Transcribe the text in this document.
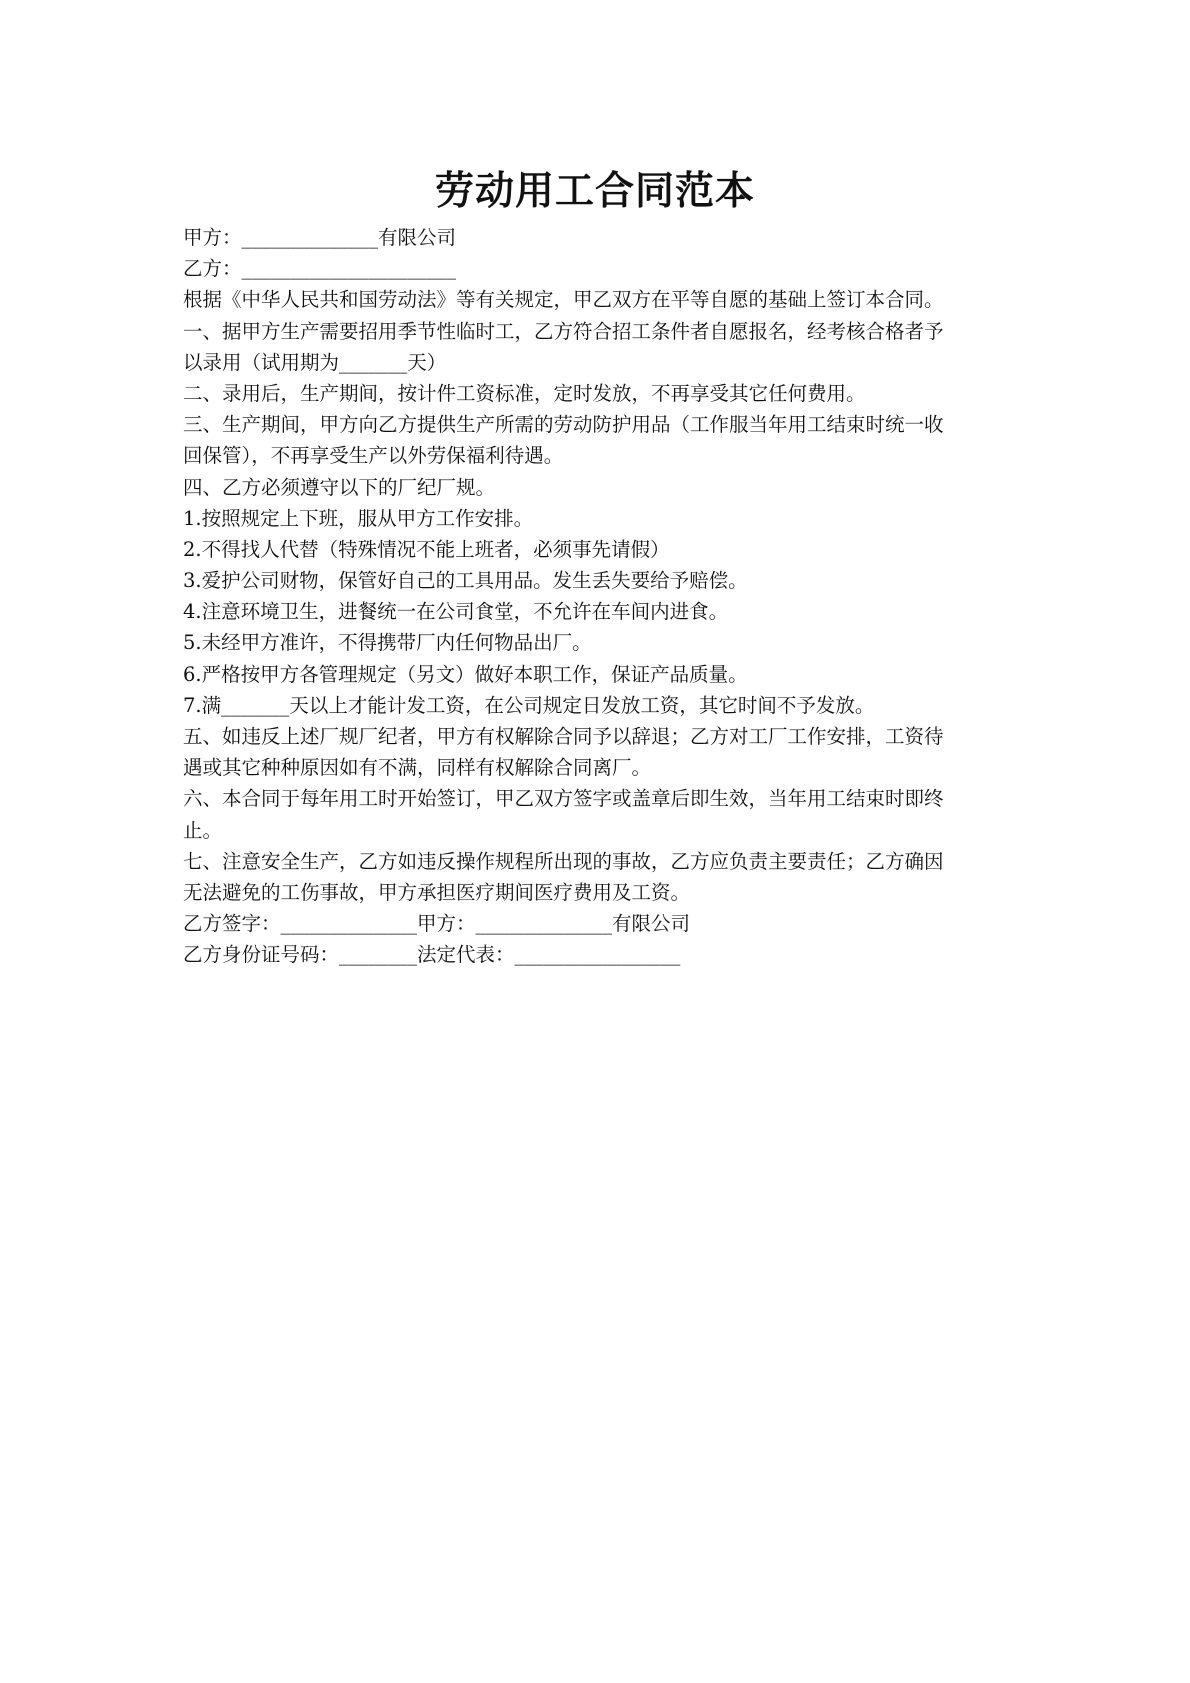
劳动用工合同范本
甲方：______________有限公司
乙方：______________________
根据《中华人民共和国劳动法》等有关规定，甲乙双方在平等自愿的基础上签订本合同。
一、据甲方生产需要招用季节性临时工，乙方符合招工条件者自愿报名，经考核合格者予
以录用（试用期为_______天）
二、录用后，生产期间，按计件工资标准，定时发放，不再享受其它任何费用。
三、生产期间，甲方向乙方提供生产所需的劳动防护用品（工作服当年用工结束时统一收
回保管），不再享受生产以外劳保福利待遇。
四、乙方必须遵守以下的厂纪厂规。
1.按照规定上下班，服从甲方工作安排。
2.不得找人代替（特殊情况不能上班者，必须事先请假）
3.爱护公司财物，保管好自己的工具用品。发生丢失要给予赔偿。
4.注意环境卫生，进餐统一在公司食堂，不允许在车间内进食。
5.未经甲方准许，不得携带厂内任何物品出厂。
6.严格按甲方各管理规定（另文）做好本职工作，保证产品质量。
7.满_______天以上才能计发工资，在公司规定日发放工资，其它时间不予发放。
五、如违反上述厂规厂纪者，甲方有权解除合同予以辞退；乙方对工厂工作安排，工资待
遇或其它种种原因如有不满，同样有权解除合同离厂。
六、本合同于每年用工时开始签订，甲乙双方签字或盖章后即生效，当年用工结束时即终
止。
七、注意安全生产，乙方如违反操作规程所出现的事故，乙方应负责主要责任；乙方确因
无法避免的工伤事故，甲方承担医疗期间医疗费用及工资。
乙方签字：______________甲方：______________有限公司
乙方身份证号码：________法定代表：_________________
